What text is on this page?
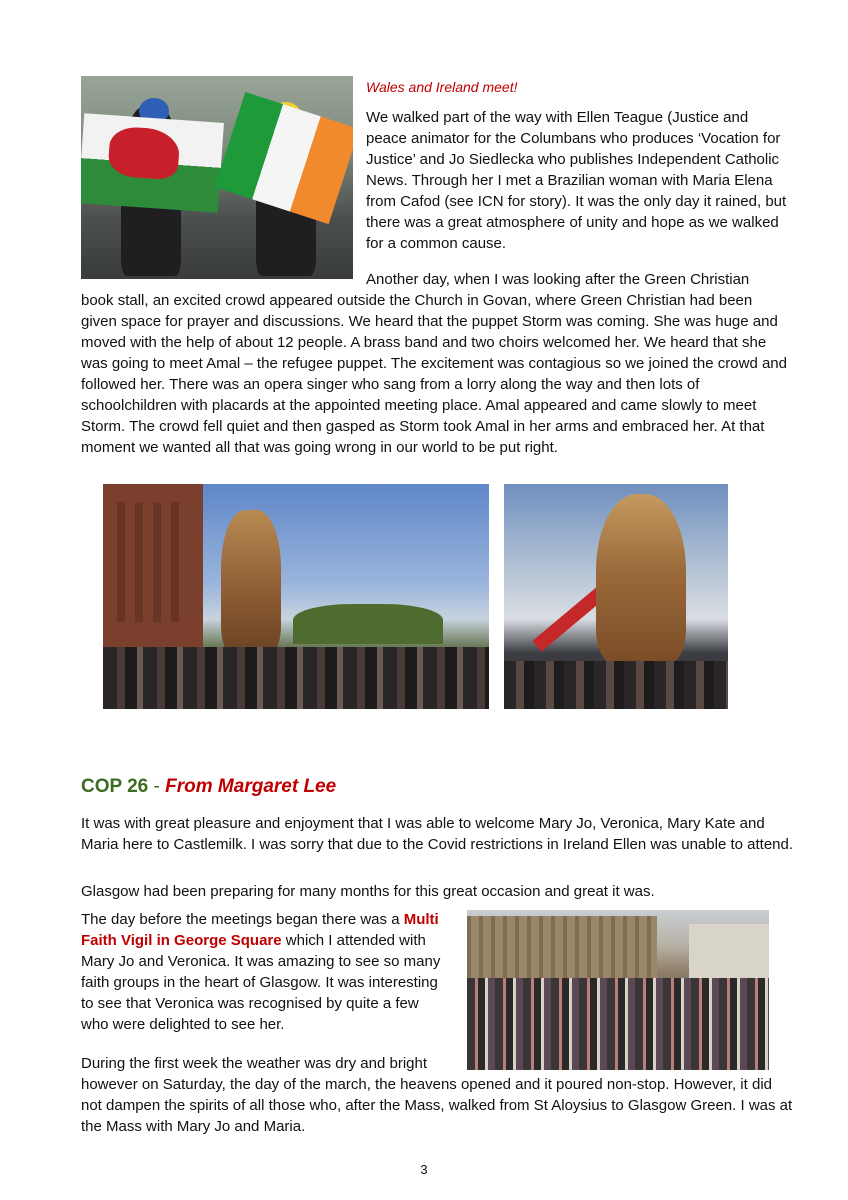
Wales and Ireland meet!

We walked part of the way with Ellen Teague (Justice and peace animator for the Columbans who produces ‘Vocation for Justice’ and Jo Siedlecka who publishes Independent Catholic News. Through her I met a Brazilian woman with Maria Elena from Cafod (see ICN for story). It was the only day it rained, but there was a great atmosphere of unity and hope as we walked for a common cause.

Another day, when I was looking after the Green Christian

book stall, an excited crowd appeared outside the Church in Govan, where Green Christian had been given space for prayer and discussions. We heard that the puppet Storm was coming. She was huge and moved with the help of about 12 people. A brass band and two choirs welcomed her. We heard that she was going to meet Amal – the refugee puppet. The excitement was contagious so we joined the crowd and followed her. There was an opera singer who sang from a lorry along the way and then lots of schoolchildren with placards at the appointed meeting place. Amal appeared and came slowly to meet Storm. The crowd fell quiet and then gasped as Storm took Amal in her arms and embraced her. At that moment we wanted all that was going wrong in our world to be put right.

COP 26 - From Margaret Lee

It was with great pleasure and enjoyment that I was able to welcome Mary Jo, Veronica, Mary Kate and Maria here to Castlemilk. I was sorry that due to the Covid restrictions in Ireland Ellen was unable to attend.

Glasgow had been preparing for many months for this great occasion and great it was.

The day before the meetings began there was a Multi Faith Vigil in George Square which I attended with Mary Jo and Veronica. It was amazing to see so many faith groups in the heart of Glasgow. It was interesting to see that Veronica was recognised by quite a few who were delighted to see her.

During the first week the weather was dry and bright

however on Saturday, the day of the march, the heavens opened and it poured non-stop. However, it did not dampen the spirits of all those who, after the Mass, walked from St Aloysius to Glasgow Green. I was at the Mass with Mary Jo and Maria.

3
